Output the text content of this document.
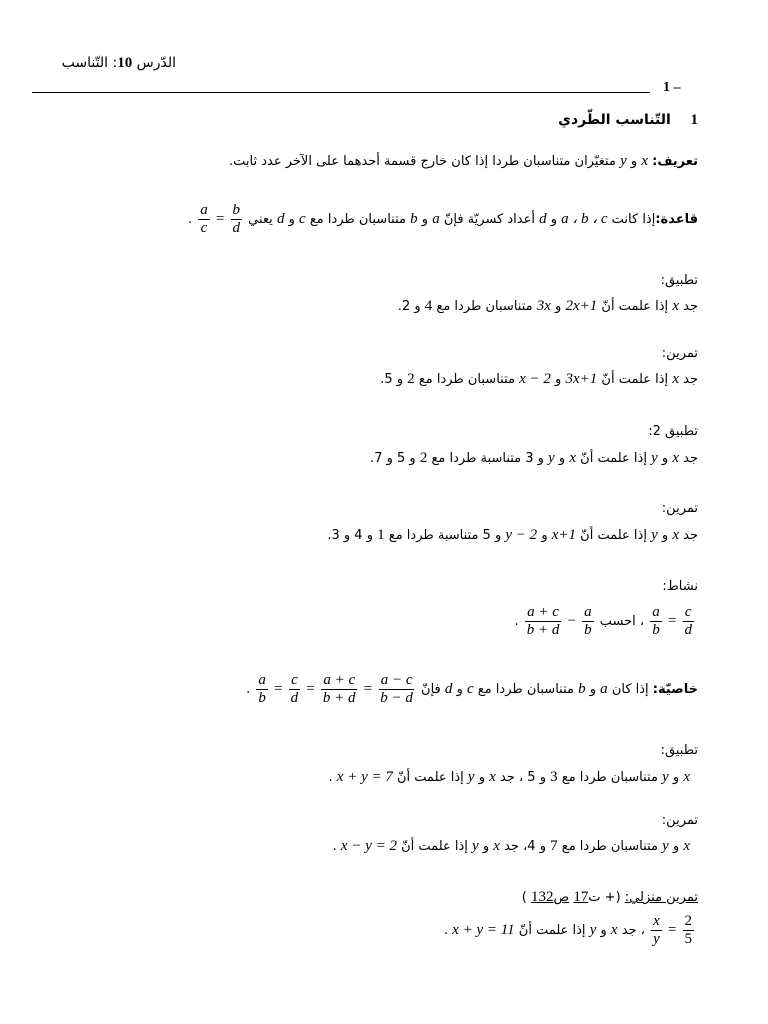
الدّرس 10: التّناسب
1 –
1  التّناسب الطّردي
تعريف: x و y متغيّران متناسبان طردا إذا كان خارج قسمة أحدهما على الآخر عدد ثابت.
قاعدة:إذا كانت a ، b ، c و d أعداد كسريّة فإنّ a و b متناسبان طردا مع c و d يعني . $\frac{a}{c} = \frac{b}{d}$
تطبيق:
جد x إذا علمت أنّ 2x+1 و 3x متناسبان طردا مع 4 و 2.
تمرين:
جد x إذا علمت أنّ 3x+1 و x − 2 متناسبان طردا مع 2 و 5.
تطبيق 2:
جد x و y إذا علمت أنّ x و y و 3 متناسبة طردا مع 2 و 5 و 7.
تمرين:
جد x و y إذا علمت أنّ x+1 و y − 2 و 5 متناسبة طردا مع 1 و 4 و 3.
نشاط:
$\frac{a}{b} = \frac{c}{d}$
، احسب . $\frac{a + c}{b + d} - \frac{a}{b}$
خاصيّة: إذا كان a و b متناسبان طردا مع c و d فإنّ . $\frac{a}{b} = \frac{c}{d} = \frac{a + c}{b + d} = \frac{a - c}{b - d}$
تطبيق:
x و y متناسبان طردا مع 3 و 5 ، جد x و y إذا علمت أنّ x + y = 7 .
تمرين:
x و y متناسبان طردا مع 7 و 4، جد x و y إذا علمت أنّ x − y = 2 .
تمرين منزلي: (+ ت17 ص132 )
$\frac{x}{y} = \frac{2}{5}$
، جد x و y إذا علمت أنّ x + y = 11 .
